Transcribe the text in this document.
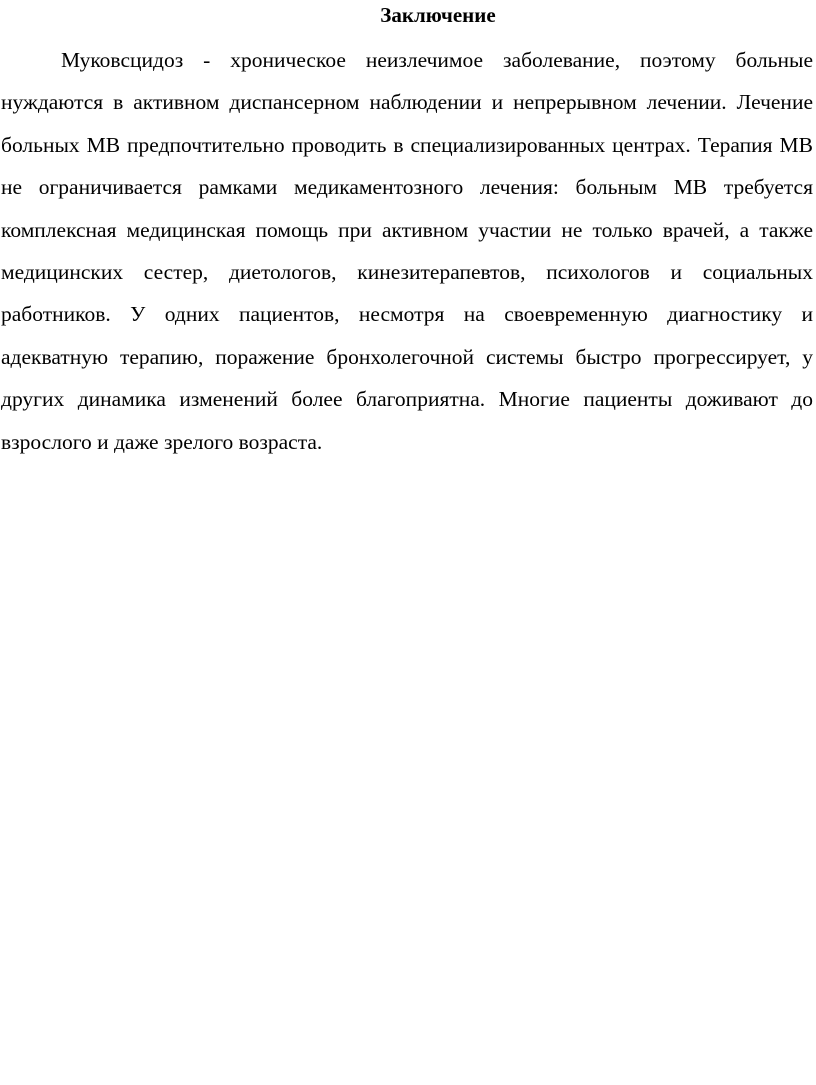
Заключение

Муковсцидоз - хроническое неизлечимое заболевание, поэтому больные нуждаются в активном диспансерном наблюдении и непрерывном лечении. Лечение больных МВ предпочтительно проводить в специализированных центрах. Терапия МВ не ограничивается рамками медикаментозного лечения: больным МВ требуется комплексная медицинская помощь при активном участии не только врачей, а также медицинских сестер, диетологов, кинезитерапевтов, психологов и социальных работников. У одних пациентов, несмотря на своевременную диагностику и адекватную терапию, поражение бронхолегочной системы быстро прогрессирует, у других динамика изменений более благоприятна. Многие пациенты доживают до взрослого и даже зрелого возраста.
